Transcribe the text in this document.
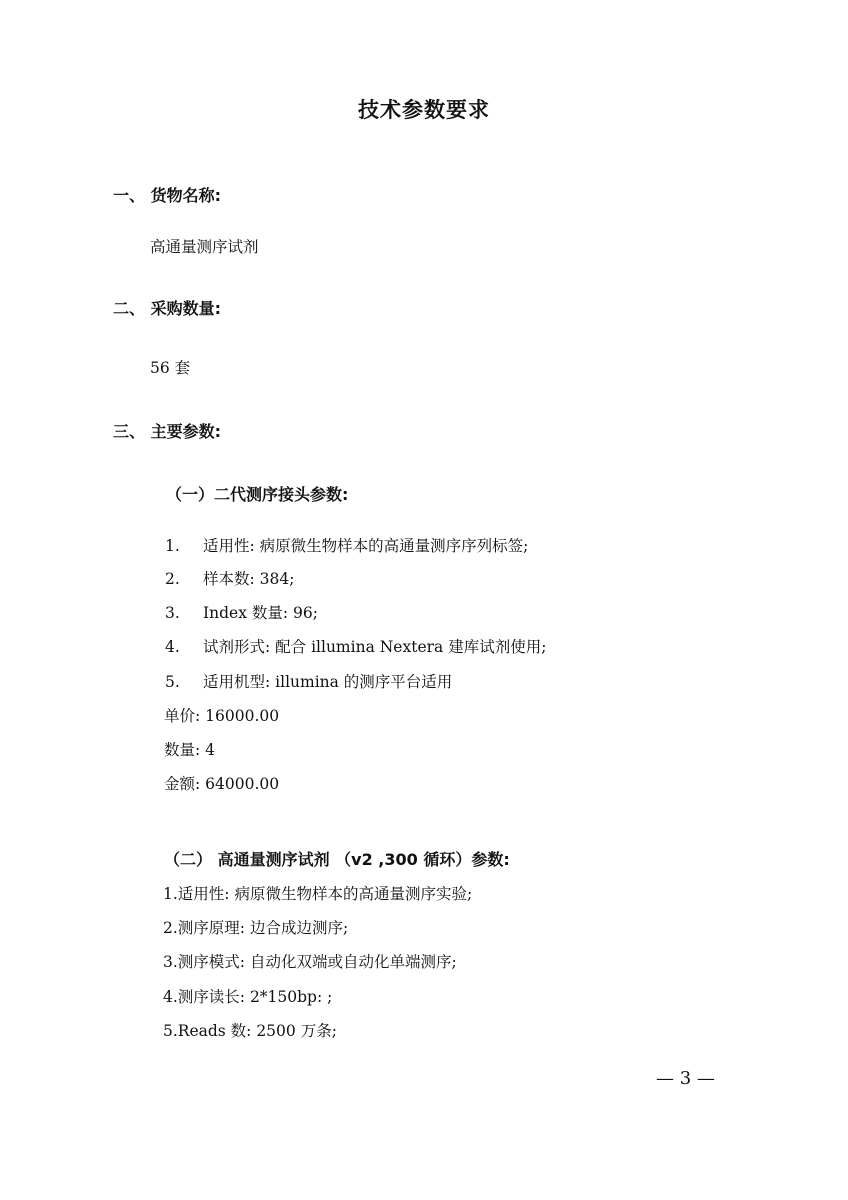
技术参数要求
一、 货物名称:
高通量测序试剂
二、 采购数量:
56 套
三、 主要参数:
（一）二代测序接头参数:
1. 适用性: 病原微生物样本的高通量测序序列标签;
2. 样本数: 384;
3. Index 数量: 96;
4. 试剂形式: 配合 illumina Nextera 建库试剂使用;
5. 适用机型: illumina 的测序平台适用
单价: 16000.00
数量: 4
金额: 64000.00
（二） 高通量测序试剂 （v2 ,300 循环）参数:
1.适用性: 病原微生物样本的高通量测序实验;
2.测序原理: 边合成边测序;
3.测序模式: 自动化双端或自动化单端测序;
4.测序读长: 2*150bp: ;
5.Reads 数: 2500 万条;
— 3 —
